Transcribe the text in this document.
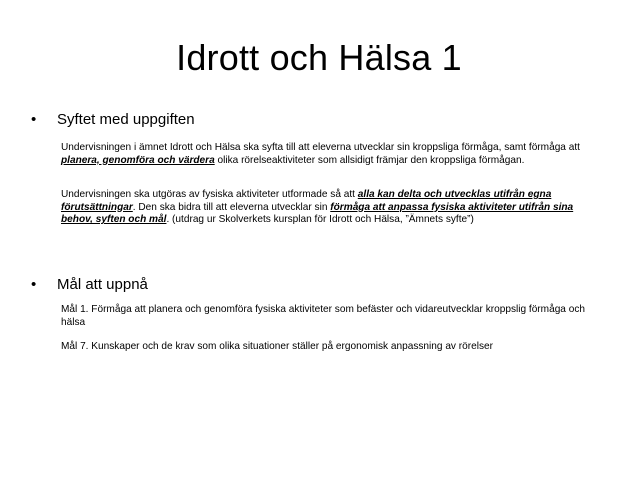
Idrott och Hälsa 1
•	Syftet med uppgiften
Undervisningen i ämnet Idrott och Hälsa ska syfta till att eleverna utvecklar sin kroppsliga förmåga, samt förmåga att planera, genomföra och värdera olika rörelseaktiviteter som allsidigt främjar den kroppsliga förmågan.
Undervisningen ska utgöras av fysiska aktiviteter utformade så att alla kan delta och utvecklas utifrån egna förutsättningar. Den ska bidra till att eleverna utvecklar sin förmåga att anpassa fysiska aktiviteter utifrån sina behov, syften och mål. (utdrag ur Skolverkets kursplan för Idrott och Hälsa, ”Ämnets syfte”)
•	Mål att uppnå
Mål 1. Förmåga att planera och genomföra fysiska aktiviteter som befäster och vidareutvecklar kroppslig förmåga och hälsa
Mål 7. Kunskaper och de krav som olika situationer ställer på ergonomisk anpassning av rörelser
